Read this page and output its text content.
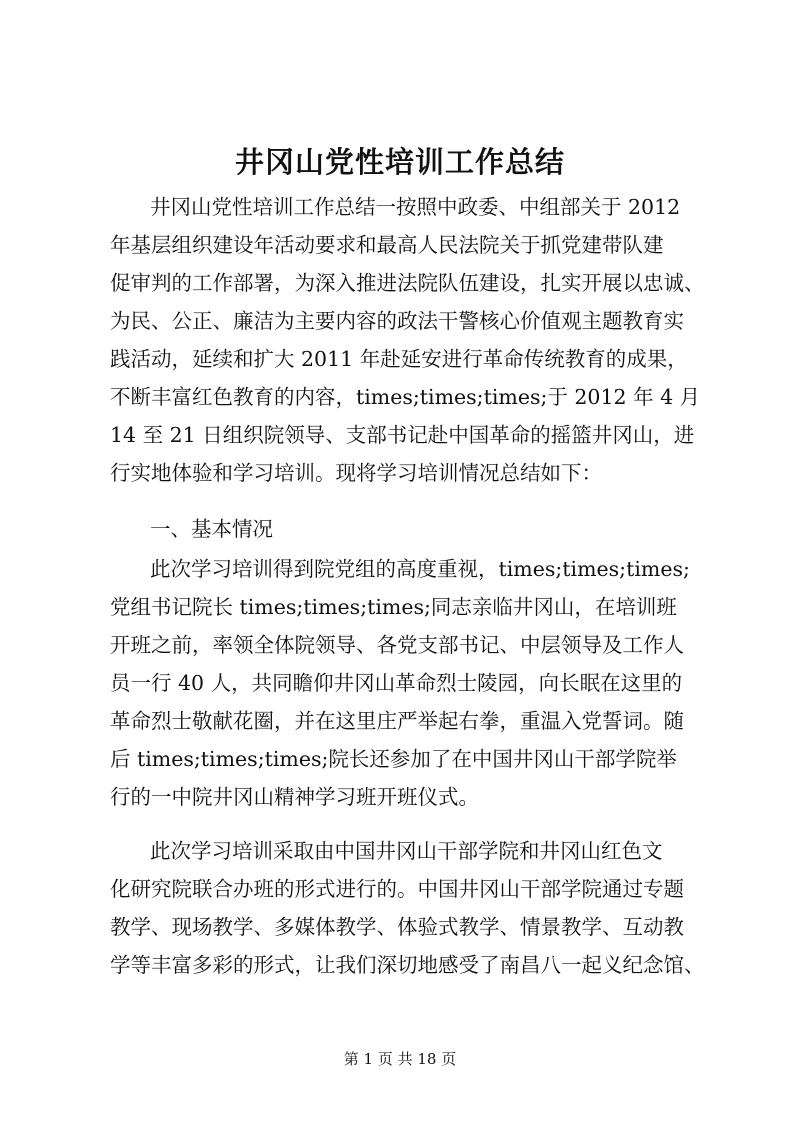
井冈山党性培训工作总结
井冈山党性培训工作总结一按照中政委、中组部关于 2012
年基层组织建设年活动要求和最高人民法院关于抓党建带队建
促审判的工作部署，为深入推进法院队伍建设，扎实开展以忠诚、
为民、公正、廉洁为主要内容的政法干警核心价值观主题教育实
践活动，延续和扩大 2011 年赴延安进行革命传统教育的成果，
不断丰富红色教育的内容，times;times;times;于 2012 年 4 月
14 至 21 日组织院领导、支部书记赴中国革命的摇篮井冈山，进
行实地体验和学习培训。现将学习培训情况总结如下：
一、基本情况
此次学习培训得到院党组的高度重视，times;times;times;
党组书记院长 times;times;times;同志亲临井冈山，在培训班
开班之前，率领全体院领导、各党支部书记、中层领导及工作人
员一行 40 人，共同瞻仰井冈山革命烈士陵园，向长眠在这里的
革命烈士敬献花圈，并在这里庄严举起右拳，重温入党誓词。随
后 times;times;times;院长还参加了在中国井冈山干部学院举
行的一中院井冈山精神学习班开班仪式。
此次学习培训采取由中国井冈山干部学院和井冈山红色文
化研究院联合办班的形式进行的。中国井冈山干部学院通过专题
教学、现场教学、多媒体教学、体验式教学、情景教学、互动教
学等丰富多彩的形式，让我们深切地感受了南昌八一起义纪念馆、
第 1 页 共 18 页
